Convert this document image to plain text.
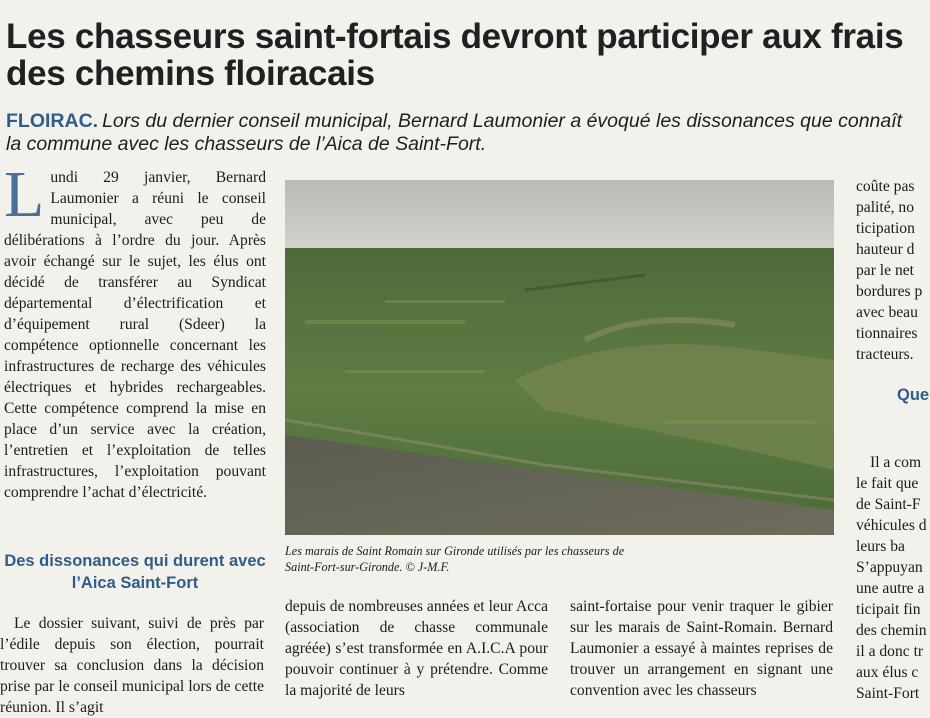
Les chasseurs saint-fortais devront participer aux frais des chemins floiracais
FLOIRAC. Lors du dernier conseil municipal, Bernard Laumonier a évoqué les dissonances que connaît la commune avec les chasseurs de l’Aica de Saint-Fort.
Lundi 29 janvier, Bernard Laumonier a réuni le conseil municipal, avec peu de délibérations à l’ordre du jour. Après avoir échangé sur le sujet, les élus ont décidé de transférer au Syndicat départemental d’électrification et d’équipement rural (Sdeer) la compétence optionnelle concernant les infrastructures de recharge des véhicules électriques et hybrides rechargeables. Cette compétence comprend la mise en place d’un service avec la création, l’entretien et l’exploitation de telles infrastructures, l’exploitation pouvant comprendre l’achat d’électricité.
Des dissonances qui durent avec l’Aica Saint-Fort
Le dossier suivant, suivi de près par l’édile depuis son élection, pourrait trouver sa conclusion dans la décision prise par le conseil municipal lors de cette réunion. Il s’agit
Les marais de Saint Romain sur Gironde utilisés par les chasseurs de Saint-Fort-sur-Gironde. © J-M.F.
depuis de nombreuses années et leur Acca (association de chasse communale agréée) s’est transformée en A.I.C.A pour pouvoir continuer à y prétendre. Comme la majorité de leurs
saint-fortaise pour venir traquer le gibier sur les marais de Saint-Romain. Bernard Laumonier a essayé à maintes reprises de trouver un arrangement en signant une convention avec les chasseurs
coûte pas
palité, no
ticipation
hauteur d
par le net
bordures p
avec beau
tionnaires
tracteurs.
Que
Il a com
le fait que
de Saint-F
véhicules d
leurs ba
S’appuyan
une autre a
ticipait fin
des chemin
il a donc tr
aux élus c
Saint-Fort
